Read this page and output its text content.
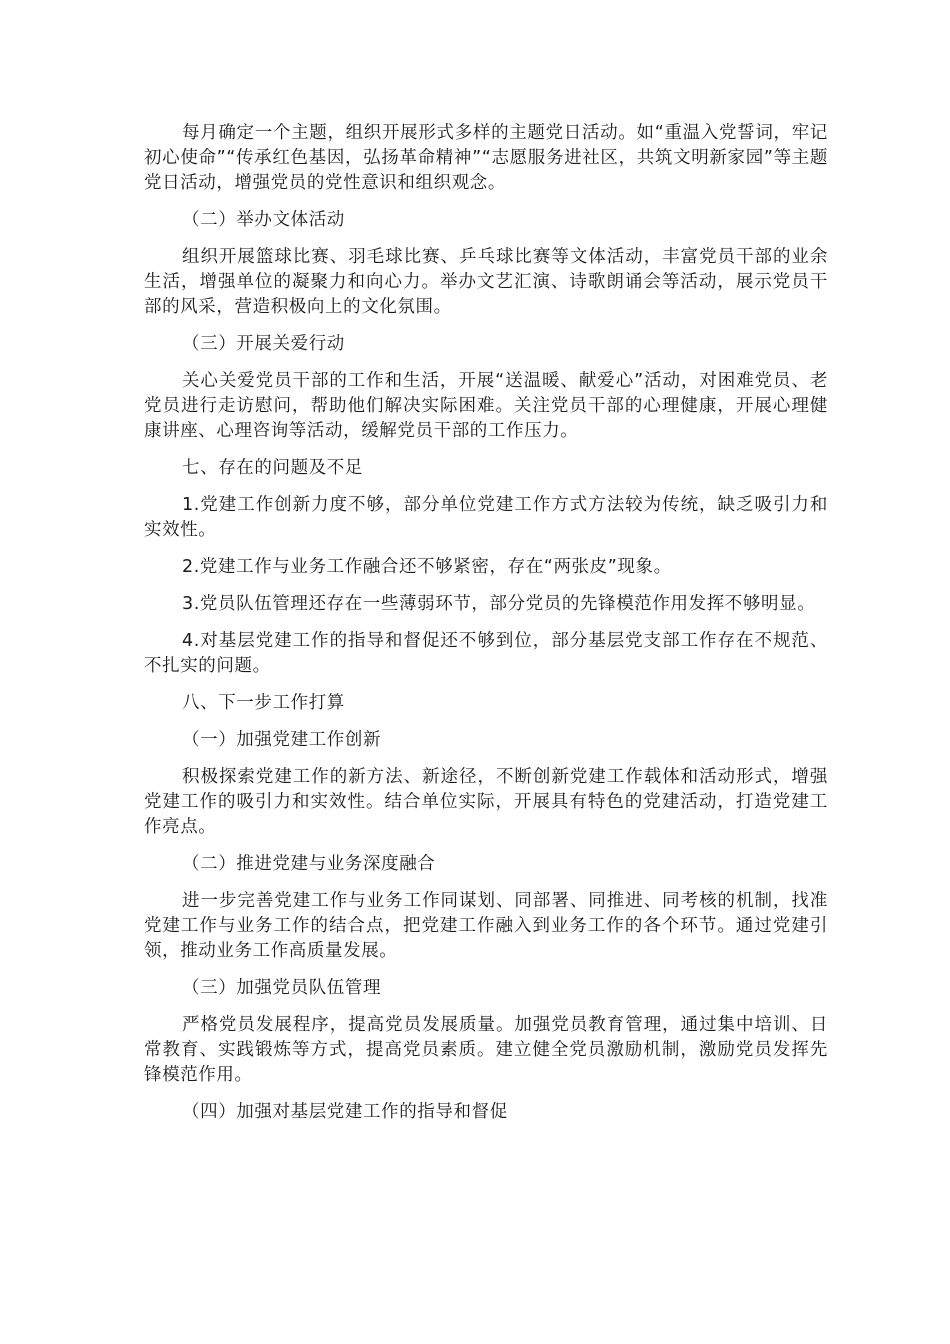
每月确定一个主题，组织开展形式多样的主题党日活动。如“重温入党誓词，牢记初心使命”“传承红色基因，弘扬革命精神”“志愿服务进社区，共筑文明新家园”等主题党日活动，增强党员的党性意识和组织观念。

（二）举办文体活动

组织开展篮球比赛、羽毛球比赛、乒乓球比赛等文体活动，丰富党员干部的业余生活，增强单位的凝聚力和向心力。举办文艺汇演、诗歌朗诵会等活动，展示党员干部的风采，营造积极向上的文化氛围。

（三）开展关爱行动

关心关爱党员干部的工作和生活，开展“送温暖、献爱心”活动，对困难党员、老党员进行走访慰问，帮助他们解决实际困难。关注党员干部的心理健康，开展心理健康讲座、心理咨询等活动，缓解党员干部的工作压力。

七、存在的问题及不足

1.党建工作创新力度不够，部分单位党建工作方式方法较为传统，缺乏吸引力和实效性。

2.党建工作与业务工作融合还不够紧密，存在“两张皮”现象。

3.党员队伍管理还存在一些薄弱环节，部分党员的先锋模范作用发挥不够明显。

4.对基层党建工作的指导和督促还不够到位，部分基层党支部工作存在不规范、不扎实的问题。

八、下一步工作打算

（一）加强党建工作创新

积极探索党建工作的新方法、新途径，不断创新党建工作载体和活动形式，增强党建工作的吸引力和实效性。结合单位实际，开展具有特色的党建活动，打造党建工作亮点。

（二）推进党建与业务深度融合

进一步完善党建工作与业务工作同谋划、同部署、同推进、同考核的机制，找准党建工作与业务工作的结合点，把党建工作融入到业务工作的各个环节。通过党建引领，推动业务工作高质量发展。

（三）加强党员队伍管理

严格党员发展程序，提高党员发展质量。加强党员教育管理，通过集中培训、日常教育、实践锻炼等方式，提高党员素质。建立健全党员激励机制，激励党员发挥先锋模范作用。

（四）加强对基层党建工作的指导和督促
